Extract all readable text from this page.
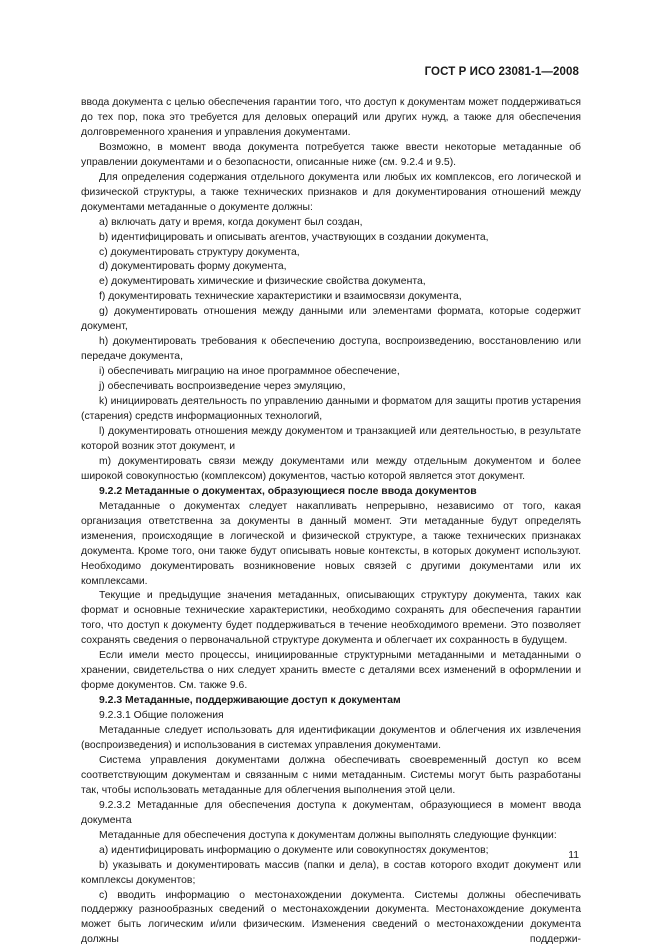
ГОСТ Р ИСО 23081-1—2008

ввода документа с целью обеспечения гарантии того, что доступ к документам может поддерживаться до тех пор, пока это требуется для деловых операций или других нужд, а также для обеспечения долговременного хранения и управления документами.

Возможно, в момент ввода документа потребуется также ввести некоторые метаданные об управлении документами и о безопасности, описанные ниже (см. 9.2.4 и 9.5).

Для определения содержания отдельного документа или любых их комплексов, его логической и физической структуры, а также технических признаков и для документирования отношений между документами метаданные о документе должны:

a) включать дату и время, когда документ был создан,

b) идентифицировать и описывать агентов, участвующих в создании документа,

c) документировать структуру документа,

d) документировать форму документа,

e) документировать химические и физические свойства документа,

f) документировать технические характеристики и взаимосвязи документа,

g) документировать отношения между данными или элементами формата, которые содержит документ,

h) документировать требования к обеспечению доступа, воспроизведению, восстановлению или передаче документа,

i) обеспечивать миграцию на иное программное обеспечение,

j) обеспечивать воспроизведение через эмуляцию,

k) инициировать деятельность по управлению данными и форматом для защиты против устарения (старения) средств информационных технологий,

l) документировать отношения между документом и транзакцией или деятельностью, в результате которой возник этот документ, и

m) документировать связи между документами или между отдельным документом и более широкой совокупностью (комплексом) документов, частью которой является этот документ.

9.2.2 Метаданные о документах, образующиеся после ввода документов

Метаданные о документах следует накапливать непрерывно, независимо от того, какая организация ответственна за документы в данный момент. Эти метаданные будут определять изменения, происходящие в логической и физической структуре, а также технических признаках документа. Кроме того, они также будут описывать новые контексты, в которых документ используют. Необходимо документировать возникновение новых связей с другими документами или их комплексами.

Текущие и предыдущие значения метаданных, описывающих структуру документа, таких как формат и основные технические характеристики, необходимо сохранять для обеспечения гарантии того, что доступ к документу будет поддерживаться в течение необходимого времени. Это позволяет сохранять сведения о первоначальной структуре документа и облегчает их сохранность в будущем.

Если имели место процессы, инициированные структурными метаданными и метаданными о хранении, свидетельства о них следует хранить вместе с деталями всех изменений в оформлении и форме документов. См. также 9.6.

9.2.3 Метаданные, поддерживающие доступ к документам

9.2.3.1 Общие положения

Метаданные следует использовать для идентификации документов и облегчения их извлечения (воспроизведения) и использования в системах управления документами.

Система управления документами должна обеспечивать своевременный доступ ко всем соответствующим документам и связанным с ними метаданным. Системы могут быть разработаны так, чтобы использовать метаданные для облегчения выполнения этой цели.

9.2.3.2 Метаданные для обеспечения доступа к документам, образующиеся в момент ввода документа

Метаданные для обеспечения доступа к документам должны выполнять следующие функции:

a) идентифицировать информацию о документе или совокупностях документов;

b) указывать и документировать массив (папки и дела), в состав которого входит документ или комплексы документов;

c) вводить информацию о местонахождении документа. Системы должны обеспечивать поддержку разнообразных сведений о местонахождении документа. Местонахождение документа может быть логическим и/или физическим. Изменения сведений о местонахождении документа должны поддержи-

11
